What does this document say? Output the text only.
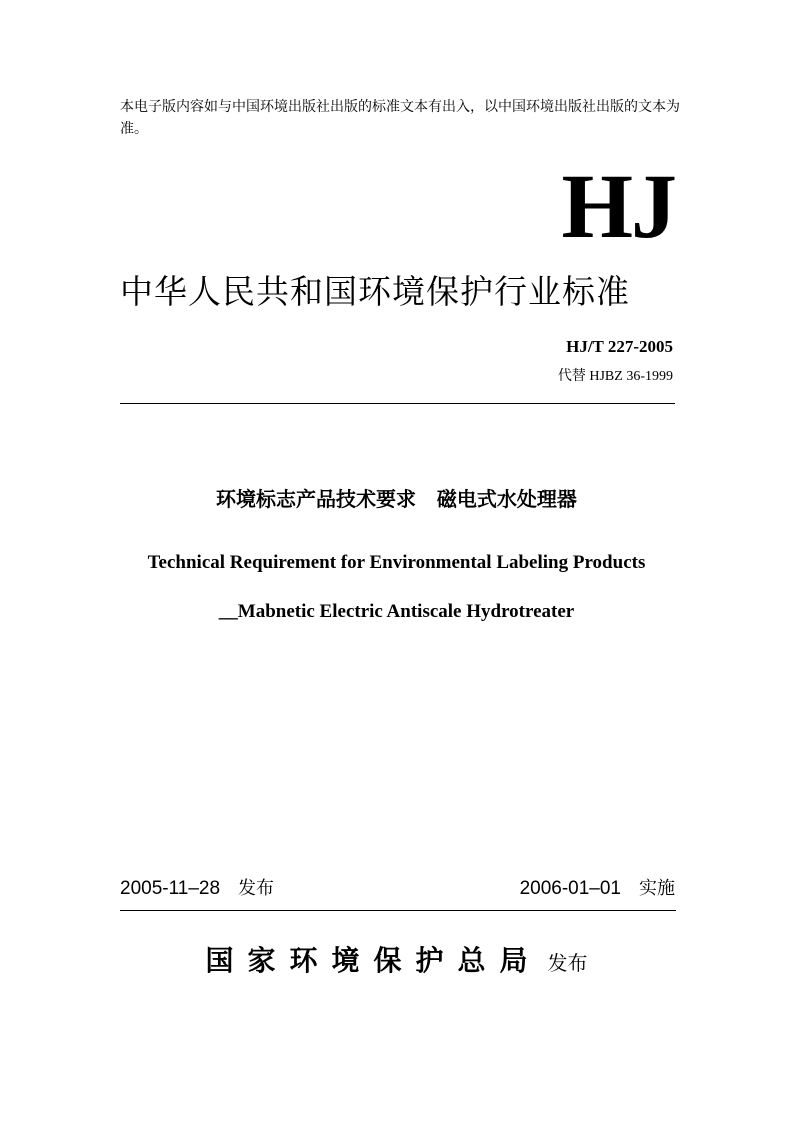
本电子版内容如与中国环境出版社出版的标准文本有出入，以中国环境出版社出版的文本为准。
HJ
中华人民共和国环境保护行业标准
HJ/T 227-2005
代替 HJBZ 36-1999
环境标志产品技术要求   磁电式水处理器
Technical Requirement for Environmental Labeling Products
__Mabnetic Electric Antiscale Hydrotreater
2005-11–28 发布	2006-01–01 实施
国家环境保护总局 发布
